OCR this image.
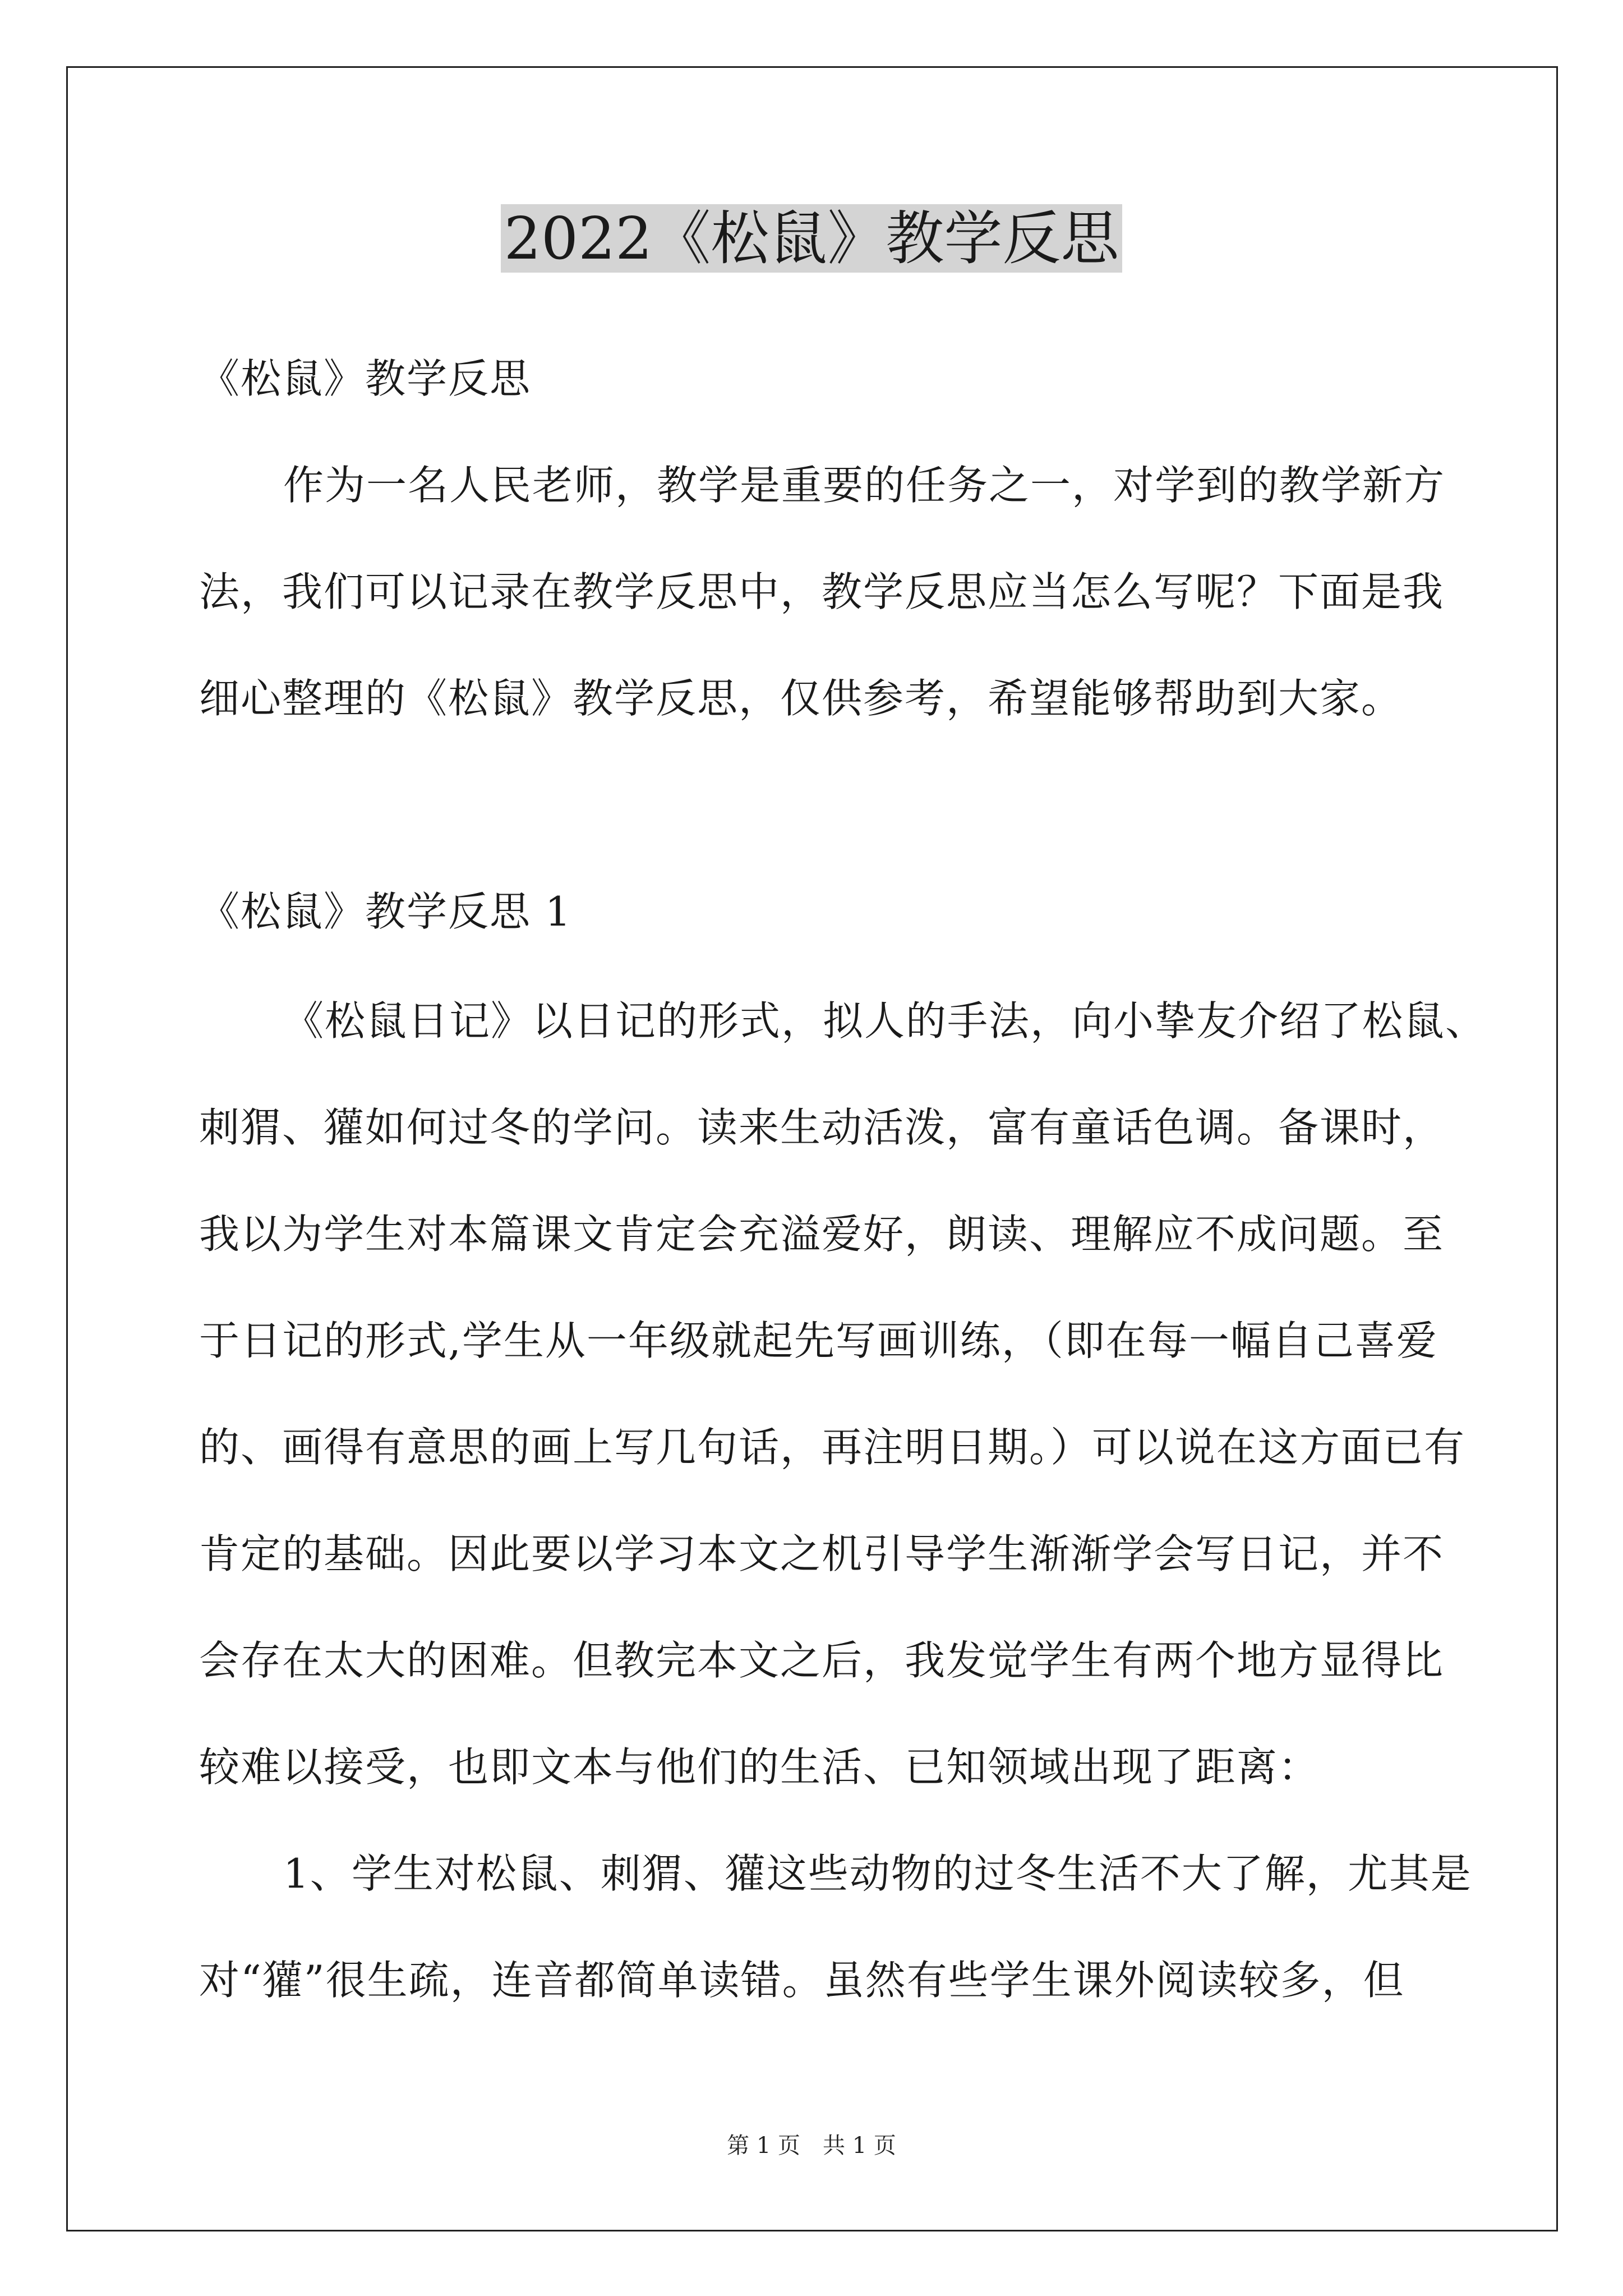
2022《松鼠》教学反思
《松鼠》教学反思
作为一名人民老师，教学是重要的任务之一，对学到的教学新方
法，我们可以记录在教学反思中，教学反思应当怎么写呢？下面是我
细心整理的《松鼠》教学反思，仅供参考，希望能够帮助到大家。
《松鼠》教学反思 1
《松鼠日记》以日记的形式，拟人的手法，向小挚友介绍了松鼠、
刺猬、獾如何过冬的学问。读来生动活泼，富有童话色调。备课时，
我以为学生对本篇课文肯定会充溢爱好，朗读、理解应不成问题。至
于日记的形式,学生从一年级就起先写画训练，（即在每一幅自己喜爱
的、画得有意思的画上写几句话，再注明日期。）可以说在这方面已有
肯定的基础。因此要以学习本文之机引导学生渐渐学会写日记，并不
会存在太大的困难。但教完本文之后，我发觉学生有两个地方显得比
较难以接受，也即文本与他们的生活、已知领域出现了距离：
1、学生对松鼠、刺猬、獾这些动物的过冬生活不大了解，尤其是
对“獾”很生疏，连音都简单读错。虽然有些学生课外阅读较多，但
第 1 页　共 1 页
